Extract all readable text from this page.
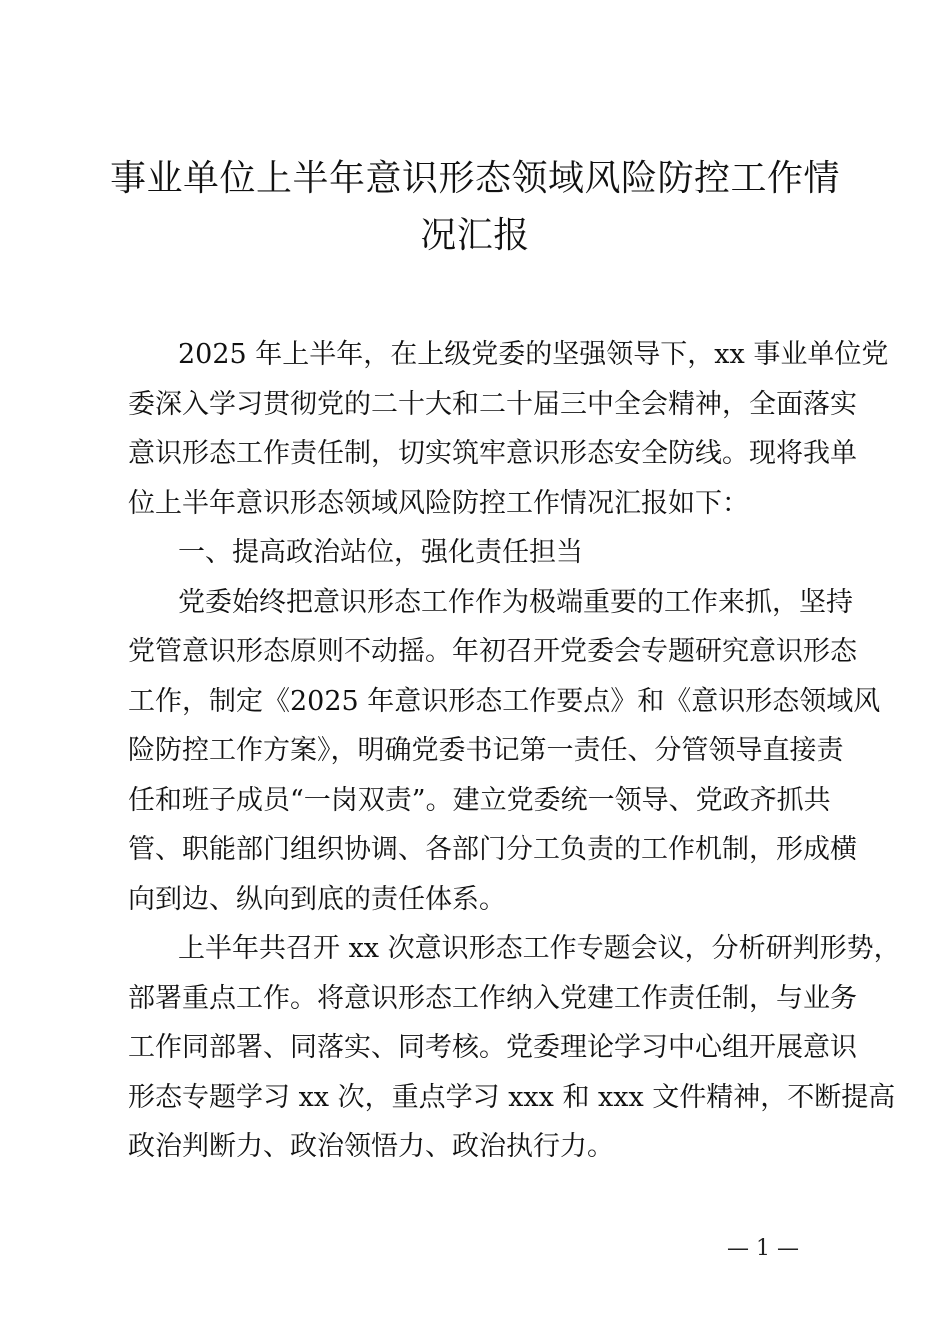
事业单位上半年意识形态领域风险防控工作情
况汇报
2025 年上半年，在上级党委的坚强领导下，xx 事业单位党
委深入学习贯彻党的二十大和二十届三中全会精神，全面落实
意识形态工作责任制，切实筑牢意识形态安全防线。现将我单
位上半年意识形态领域风险防控工作情况汇报如下：
一、提高政治站位，强化责任担当
党委始终把意识形态工作作为极端重要的工作来抓，坚持
党管意识形态原则不动摇。年初召开党委会专题研究意识形态
工作，制定《2025 年意识形态工作要点》和《意识形态领域风
险防控工作方案》，明确党委书记第一责任、分管领导直接责
任和班子成员“一岗双责”。建立党委统一领导、党政齐抓共
管、职能部门组织协调、各部门分工负责的工作机制，形成横
向到边、纵向到底的责任体系。
上半年共召开 xx 次意识形态工作专题会议，分析研判形势，
部署重点工作。将意识形态工作纳入党建工作责任制，与业务
工作同部署、同落实、同考核。党委理论学习中心组开展意识
形态专题学习 xx 次，重点学习 xxx 和 xxx 文件精神，不断提高
政治判断力、政治领悟力、政治执行力。
— 1 —
